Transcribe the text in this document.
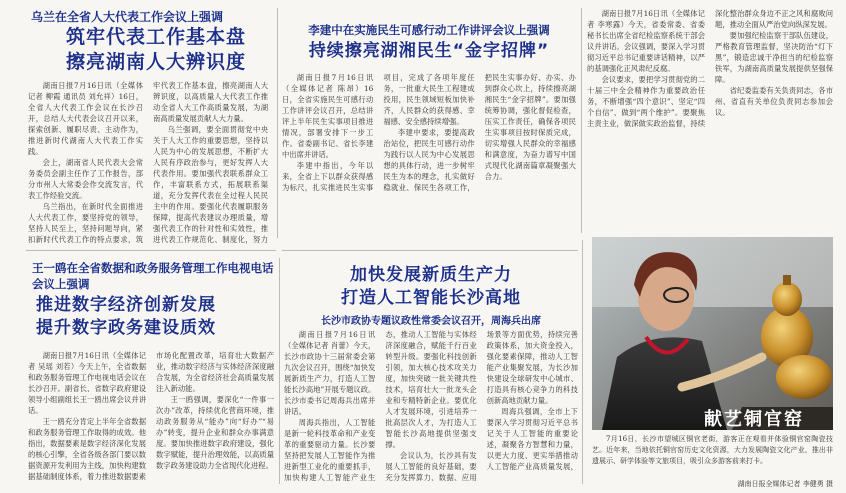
乌兰在全省人大代表工作会议上强调
筑牢代表工作基本盘
擦亮湖南人大辨识度

湖南日报7月16日讯（全媒体记者 柳霞 通讯员 刘允祥）16日，全省人大代表工作会议在长沙召开，总结人大代表会议召开以来，探索创新、履职尽责、主动作为，推进新时代湖南人大代表工作实践。

会上，湖南省人民代表大会常务委员会副主任作了工作报告，部分市州人大常委会作交流发言，代表工作经验交流。

乌兰指出，在新时代全面推进人大代表工作，要坚持党的领导，坚持人民至上，坚持问题导向，紧扣新时代代表工作的特点要求，筑牢代表工作基本盘，擦亮湖南人大辨识度，以高质量人大代表工作推动全省人大工作高质量发展，为湖南高质量发展贡献人大力量。

乌兰强调，要全面贯彻党中央关于人大工作的重要思想，坚持以人民为中心的发展思想，不断扩大人民有序政治参与，更好发挥人大代表作用。要加强代表联系群众工作，丰富联系方式，拓展联系渠道，充分发挥代表在全过程人民民主中的作用。要强化代表履职服务保障，提高代表建议办理质量，增强代表工作的针对性和实效性，推进代表工作规范化、制度化，努力

李建中在实施民生可感行动工作讲评会议上强调
持续擦亮湖湘民生“金字招牌”

湖南日报7月16日讯（全媒体记者 陈昂）16日，全省实施民生可感行动工作讲评会议召开，总结讲评上半年民生实事项目推进情况，部署安排下一步工作。省委副书记、省长李建中出席并讲话。

李建中指出，今年以来，全省上下以群众获得感为标尺，扎实推进民生实事项目，完成了各项年度任务，一批重大民生工程建成投用，民生领域短板加快补齐，人民群众的获得感、幸福感、安全感持续增强。

李建中要求，要提高政治站位，把民生可感行动作为践行以人民为中心发展思想的具体行动，进一步树牢民生为本的理念，扎实做好稳就业、保民生各项工作，把民生实事办好、办实、办到群众心坎上，持续擦亮湖湘民生“金字招牌”。要加强统筹协调，强化督促检查，压实工作责任，确保各项民生实事项目按时保质完成，切实增强人民群众的幸福感和满意度，为奋力谱写中国式现代化湖南篇章凝聚强大合力。

湖南日报7月16日讯（全媒体记者 李寒露）今天，省委常委、省委秘书长出席全省纪检监察系统干部会议并讲话。会议强调，要深入学习贯彻习近平总书记重要讲话精神，以严的基调强化正风肃纪反腐。

会议要求，要把学习贯彻党的二十届三中全会精神作为重要政治任务，不断增强“四个意识”、坚定“四个自信”、做到“两个维护”。要聚焦主责主业，做深做实政治监督，持续深化整治群众身边不正之风和腐败问题，推动全面从严治党向纵深发展。

要加强纪检监察干部队伍建设，严格教育管理监督，坚决防治“灯下黑”，锻造忠诚干净担当的纪检监察铁军，为湖南高质量发展提供坚强保障。

省纪委监委有关负责同志，各市州、省直有关单位负责同志参加会议。

王一鸥在全省数据和政务服务管理工作电视电话会议上强调
推进数字经济创新发展
提升数字政务建设质效

湖南日报7月16日讯（全媒体记者 吴瑶 刘若）今天上午，全省数据和政务服务管理工作电视电话会议在长沙召开。副省长、省数字政府建设领导小组副组长王一鸥出席会议并讲话。

王一鸥充分肯定上半年全省数据和政务服务管理工作取得的成效。他指出，数据要素是数字经济深化发展的核心引擎，全省各级各部门要以数据资源开发利用为主线，加快构建数据基础制度体系，着力推进数据要素市场化配置改革，培育壮大数据产业，推动数字经济与实体经济深度融合发展，为全省经济社会高质量发展注入新动能。

王一鸥强调，要深化“一件事一次办”改革，持续优化营商环境，推动政务服务从“能办”向“好办”“易办”转变，提升企业和群众办事满意度。要加快推进数字政府建设，强化数字赋能，提升治理效能，以高质量数字政务建设助力全省现代化进程。

加快发展新质生产力
打造人工智能长沙高地
长沙市政协专题议政性常委会议召开，周海兵出席

湖南日报7月16日讯（全媒体记者 肖蕾）今天，长沙市政协十三届常委会第九次会议召开，围绕“加快发展新质生产力，打造人工智能长沙高地”开展专题议政。长沙市委书记周海兵出席并讲话。

周海兵指出，人工智能是新一轮科技革命和产业变革的重要驱动力量。长沙要坚持把发展人工智能作为推进新型工业化的重要抓手，加快构建人工智能产业生态，推动人工智能与实体经济深度融合，赋能千行百业转型升级。要强化科技创新引领，加大核心技术攻关力度，加快突破一批关键共性技术，培育壮大一批龙头企业和专精特新企业。要优化人才发展环境，引进培养一批高层次人才，为打造人工智能长沙高地提供坚强支撑。

会议认为，长沙具有发展人工智能的良好基础，要充分发挥算力、数据、应用场景等方面优势，持续完善政策体系，加大资金投入，强化要素保障，推动人工智能产业集聚发展，为长沙加快建设全球研发中心城市、打造具有核心竞争力的科技创新高地贡献力量。

周海兵强调，全市上下要深入学习贯彻习近平总书记关于人工智能的重要论述，凝聚各方智慧和力量，以更大力度、更实举措推动人工智能产业高质量发展，

献艺铜官窑

7月16日，长沙市望城区铜官老街，游客正在观看并体验铜官窑陶瓷技艺。近年来，当地依托铜官窑历史文化资源，大力发展陶瓷文化产业，推出非遗展示、研学体验等文旅项目，吸引众多游客前来打卡。

湖南日报全媒体记者 李健勇 摄
